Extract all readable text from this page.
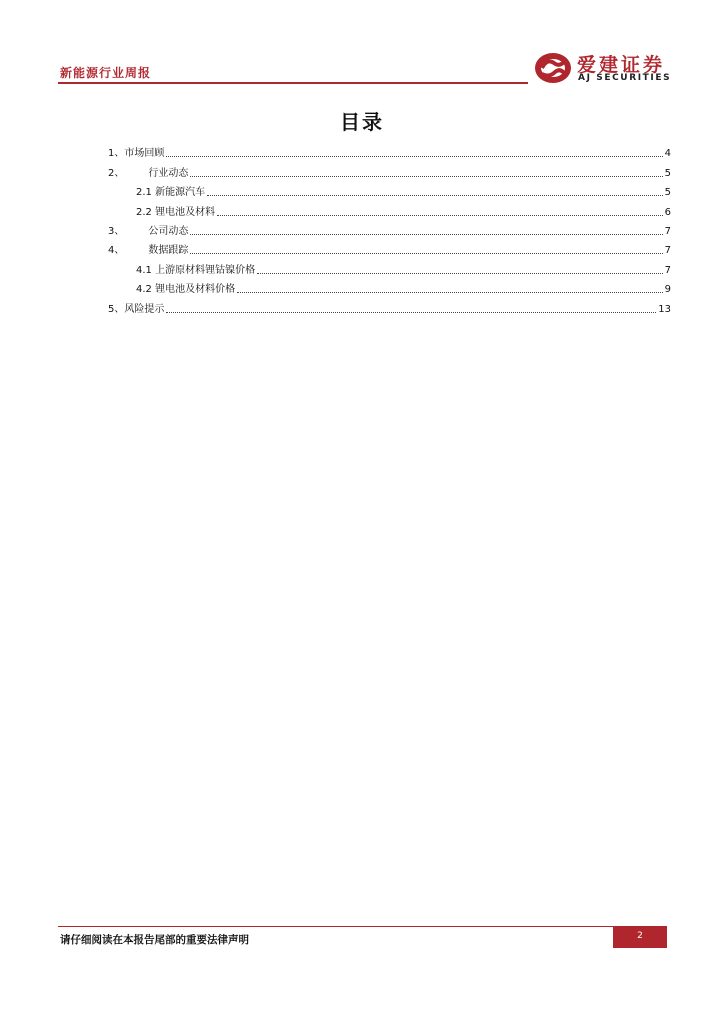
新能源行业周报	爱建证券
AJ SECURITIES
目录
1、市场回顾	4
2、 行业动态	5
2.1 新能源汽车	5
2.2 锂电池及材料	6
3、 公司动态	7
4、 数据跟踪	7
4.1 上游原材料锂钴镍价格	7
4.2 锂电池及材料价格	9
5、风险提示	13
请仔细阅读在本报告尾部的重要法律声明	2
